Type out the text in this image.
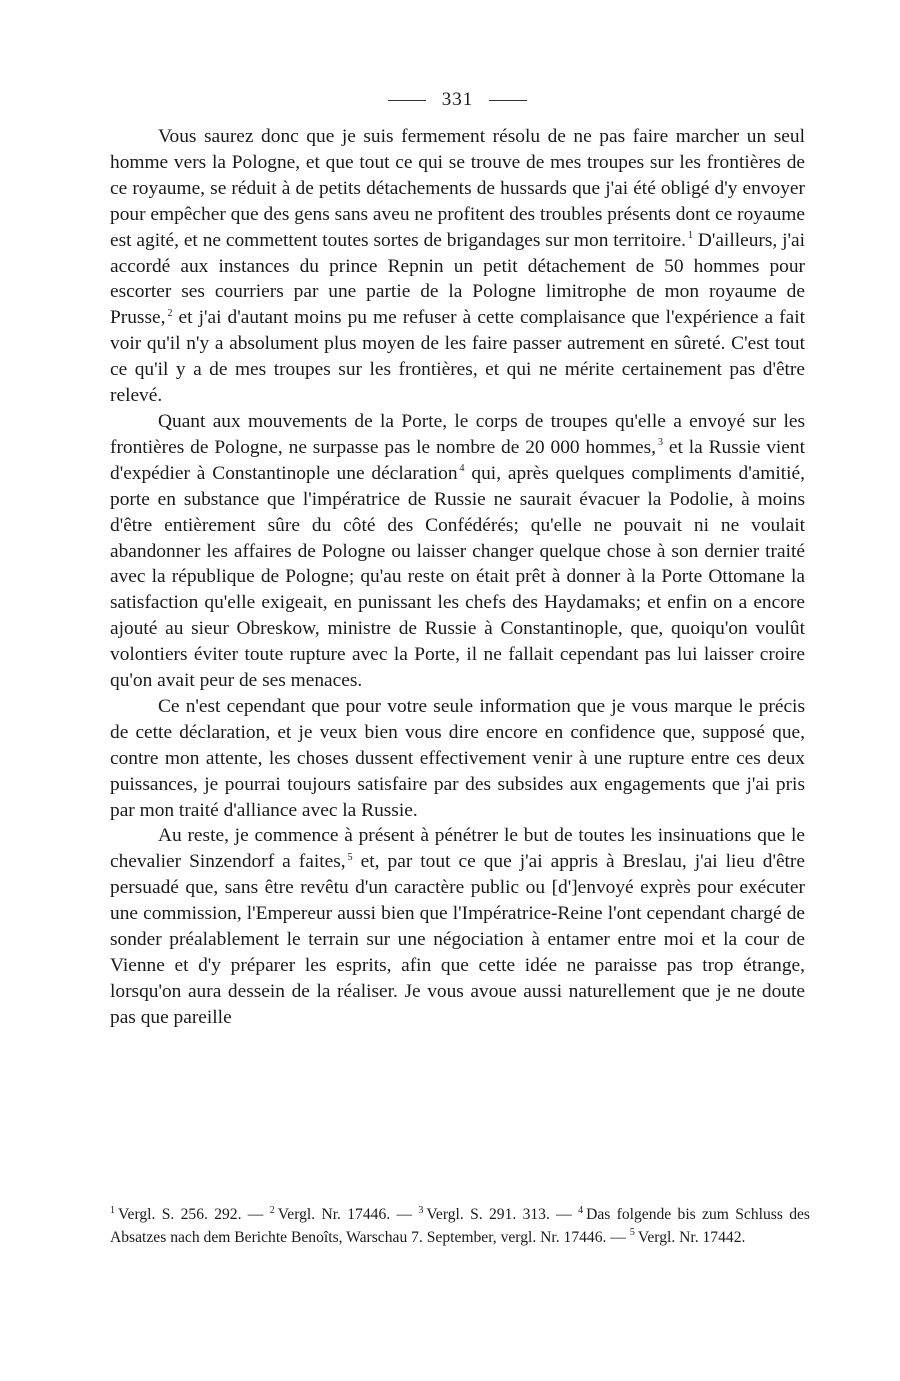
331

Vous saurez donc que je suis fermement résolu de ne pas faire marcher un seul homme vers la Pologne, et que tout ce qui se trouve de mes troupes sur les frontières de ce royaume, se réduit à de petits détachements de hussards que j'ai été obligé d'y envoyer pour empêcher que des gens sans aveu ne profitent des troubles présents dont ce royaume est agité, et ne commettent toutes sortes de brigandages sur mon territoire. $^1$ D'ailleurs, j'ai accordé aux instances du prince Repnin un petit détachement de 50 hommes pour escorter ses courriers par une partie de la Pologne limitrophe de mon royaume de Prusse, $^2$ et j'ai d'autant moins pu me refuser à cette complaisance que l'expérience a fait voir qu'il n'y a absolument plus moyen de les faire passer autrement en sûreté. C'est tout ce qu'il y a de mes troupes sur les frontières, et qui ne mérite certainement pas d'être relevé.

Quant aux mouvements de la Porte, le corps de troupes qu'elle a envoyé sur les frontières de Pologne, ne surpasse pas le nombre de 20 000 hommes, $^3$ et la Russie vient d'expédier à Constantinople une déclaration $^4$ qui, après quelques compliments d'amitié, porte en substance que l'impératrice de Russie ne saurait évacuer la Podolie, à moins d'être entièrement sûre du côté des Confédérés; qu'elle ne pouvait ni ne voulait abandonner les affaires de Pologne ou laisser changer quelque chose à son dernier traité avec la république de Pologne; qu'au reste on était prêt à donner à la Porte Ottomane la satisfaction qu'elle exigeait, en punissant les chefs des Haydamaks; et enfin on a encore ajouté au sieur Obreskow, ministre de Russie à Constantinople, que, quoiqu'on voulût volontiers éviter toute rupture avec la Porte, il ne fallait cependant pas lui laisser croire qu'on avait peur de ses menaces.

Ce n'est cependant que pour votre seule information que je vous marque le précis de cette déclaration, et je veux bien vous dire encore en confidence que, supposé que, contre mon attente, les choses dussent effectivement venir à une rupture entre ces deux puissances, je pourrai toujours satisfaire par des subsides aux engagements que j'ai pris par mon traité d'alliance avec la Russie.

Au reste, je commence à présent à pénétrer le but de toutes les insinuations que le chevalier Sinzendorf a faites, $^5$ et, par tout ce que j'ai appris à Breslau, j'ai lieu d'être persuadé que, sans être revêtu d'un caractère public ou [d']envoyé exprès pour exécuter une commission, l'Empereur aussi bien que l'Impératrice-Reine l'ont cependant chargé de sonder préalablement le terrain sur une négociation à entamer entre moi et la cour de Vienne et d'y préparer les esprits, afin que cette idée ne paraisse pas trop étrange, lorsqu'on aura dessein de la réaliser. Je vous avoue aussi naturellement que je ne doute pas que pareille

$^1$ Vergl. S. 256. 292. — $^2$ Vergl. Nr. 17446. — $^3$ Vergl. S. 291. 313. — $^4$ Das folgende bis zum Schluss des Absatzes nach dem Berichte Benoîts, Warschau 7. September, vergl. Nr. 17446. — $^5$ Vergl. Nr. 17442.
